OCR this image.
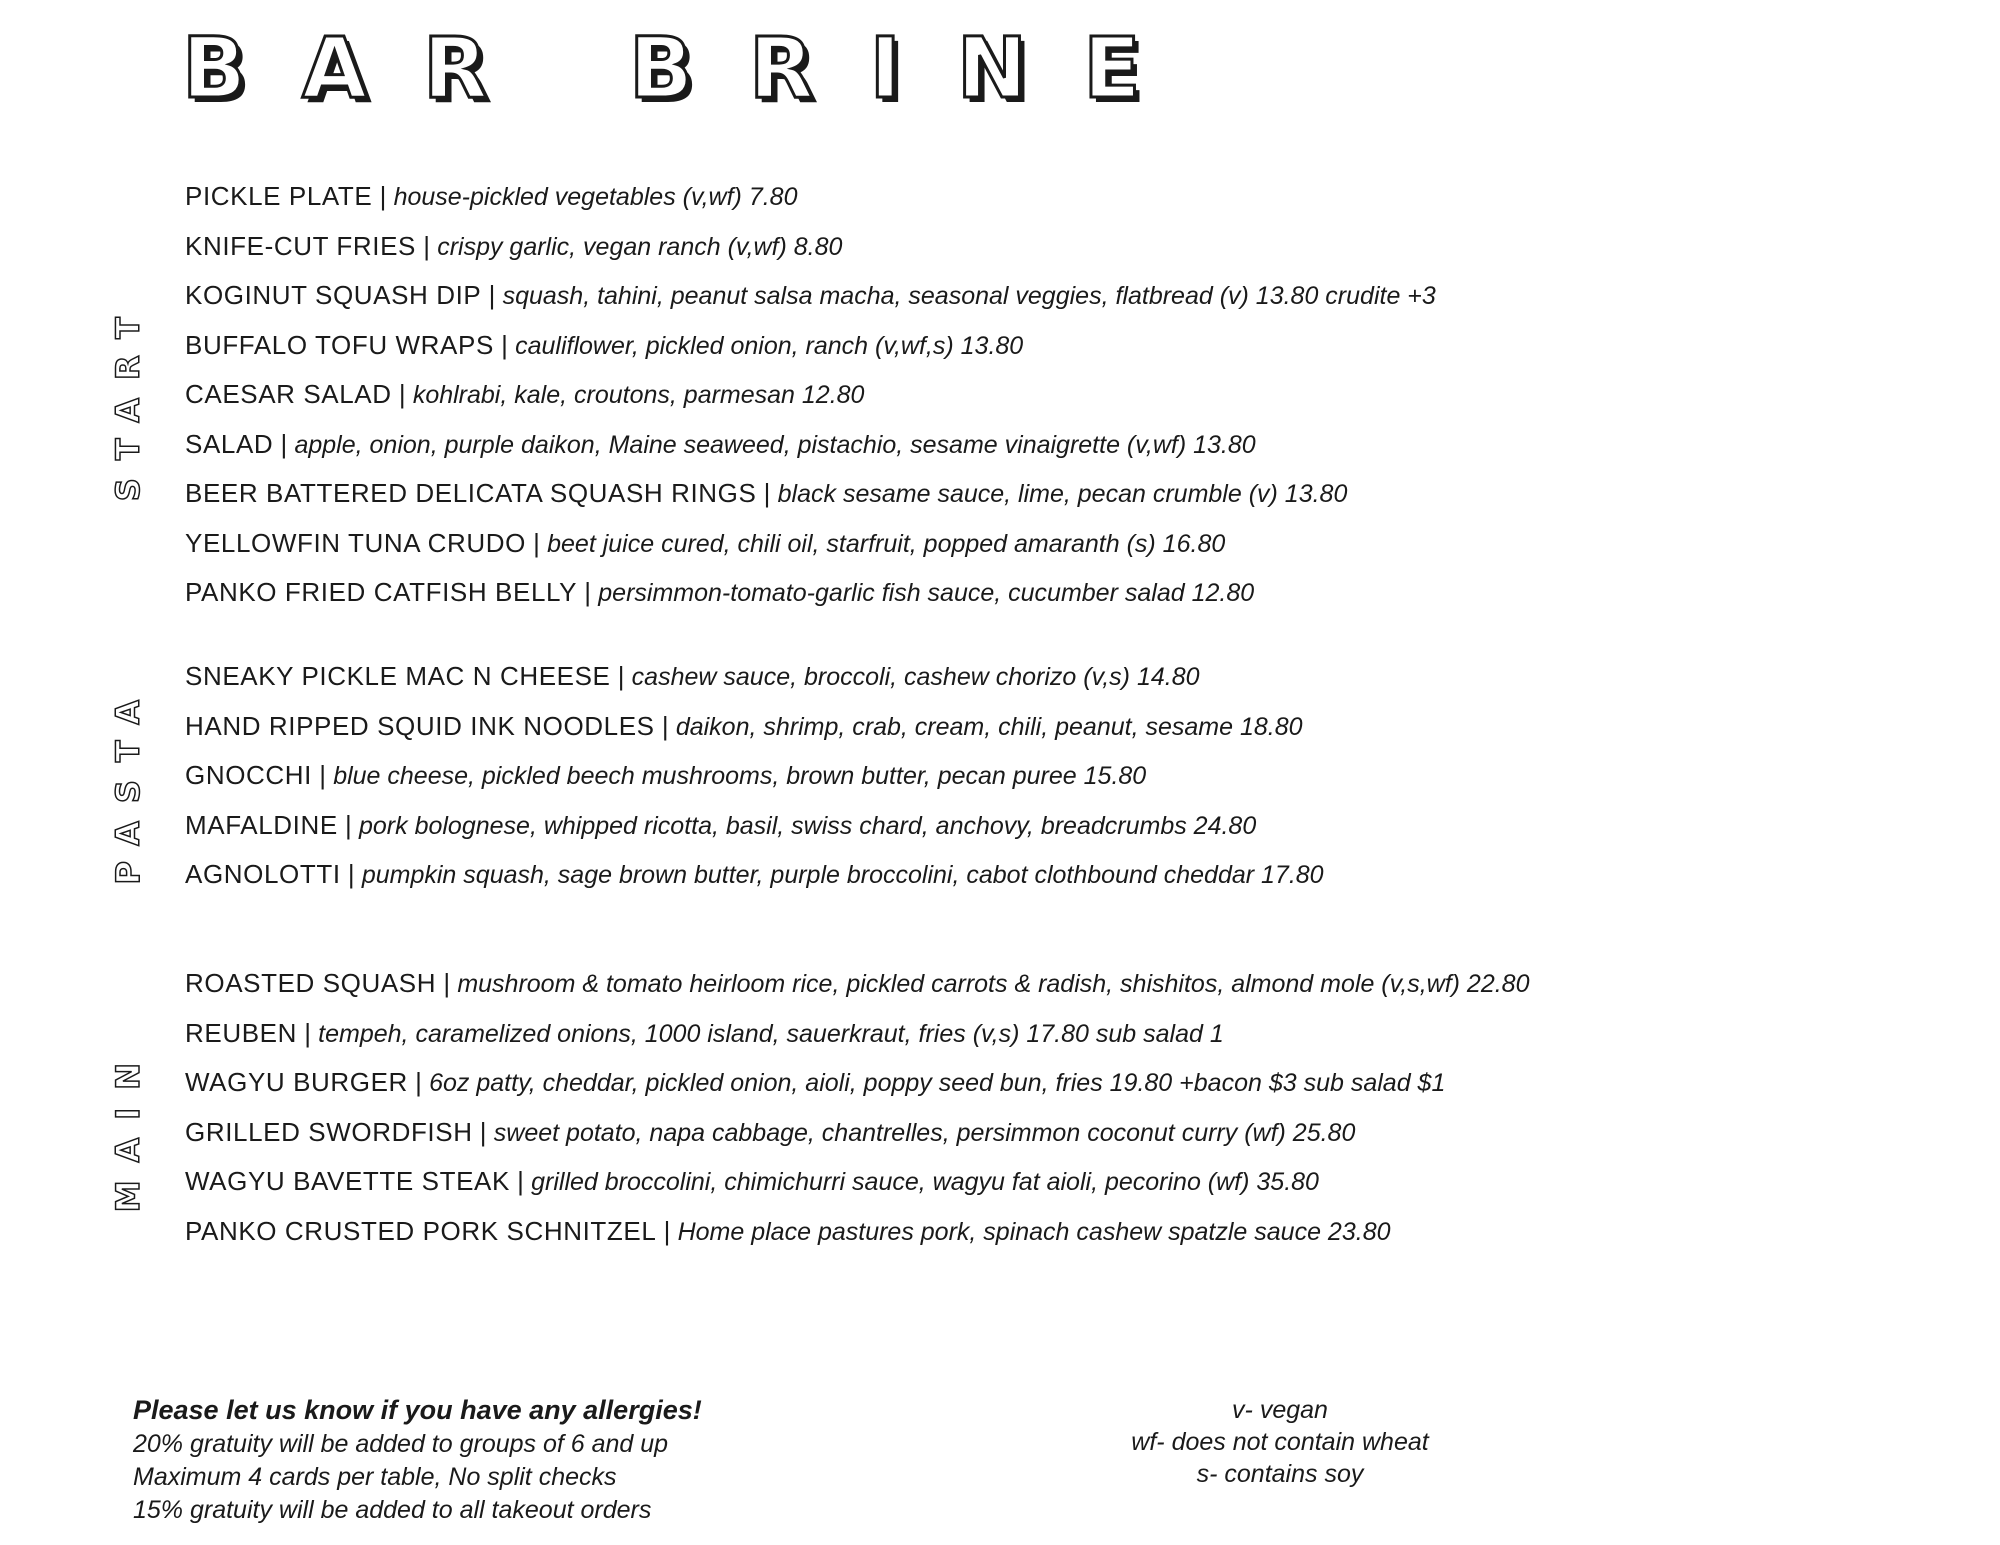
BAR BRINE
START
PICKLE PLATE | house-pickled vegetables (v,wf) 7.80
KNIFE-CUT FRIES | crispy garlic, vegan ranch (v,wf) 8.80
KOGINUT SQUASH DIP | squash, tahini, peanut salsa macha, seasonal veggies, flatbread (v) 13.80 crudite +3
BUFFALO TOFU WRAPS | cauliflower, pickled onion, ranch (v,wf,s) 13.80
CAESAR SALAD | kohlrabi, kale, croutons, parmesan 12.80
SALAD | apple, onion, purple daikon, Maine seaweed, pistachio, sesame vinaigrette (v,wf) 13.80
BEER BATTERED DELICATA SQUASH RINGS | black sesame sauce, lime, pecan crumble (v) 13.80
YELLOWFIN TUNA CRUDO | beet juice cured, chili oil, starfruit, popped amaranth (s) 16.80
PANKO FRIED CATFISH BELLY | persimmon-tomato-garlic fish sauce, cucumber salad 12.80
PASTA
SNEAKY PICKLE MAC N CHEESE | cashew sauce, broccoli, cashew chorizo (v,s) 14.80
HAND RIPPED SQUID INK NOODLES | daikon, shrimp, crab, cream, chili, peanut, sesame 18.80
GNOCCHI | blue cheese, pickled beech mushrooms, brown butter, pecan puree 15.80
MAFALDINE | pork bolognese, whipped ricotta, basil, swiss chard, anchovy, breadcrumbs 24.80
AGNOLOTTI | pumpkin squash, sage brown butter, purple broccolini, cabot clothbound cheddar 17.80
MAIN
ROASTED SQUASH | mushroom & tomato heirloom rice, pickled carrots & radish, shishitos, almond mole (v,s,wf) 22.80
REUBEN | tempeh, caramelized onions, 1000 island, sauerkraut, fries (v,s) 17.80 sub salad 1
WAGYU BURGER | 6oz patty, cheddar, pickled onion, aioli, poppy seed bun, fries 19.80 +bacon $3 sub salad $1
GRILLED SWORDFISH | sweet potato, napa cabbage, chantrelles, persimmon coconut curry (wf) 25.80
WAGYU BAVETTE STEAK | grilled broccolini, chimichurri sauce, wagyu fat aioli, pecorino (wf) 35.80
PANKO CRUSTED PORK SCHNITZEL | Home place pastures pork, spinach cashew spatzle sauce 23.80
Please let us know if you have any allergies!
20% gratuity will be added to groups of 6 and up
Maximum 4 cards per table, No split checks
15% gratuity will be added to all takeout orders
v- vegan
wf- does not contain wheat
s- contains soy
